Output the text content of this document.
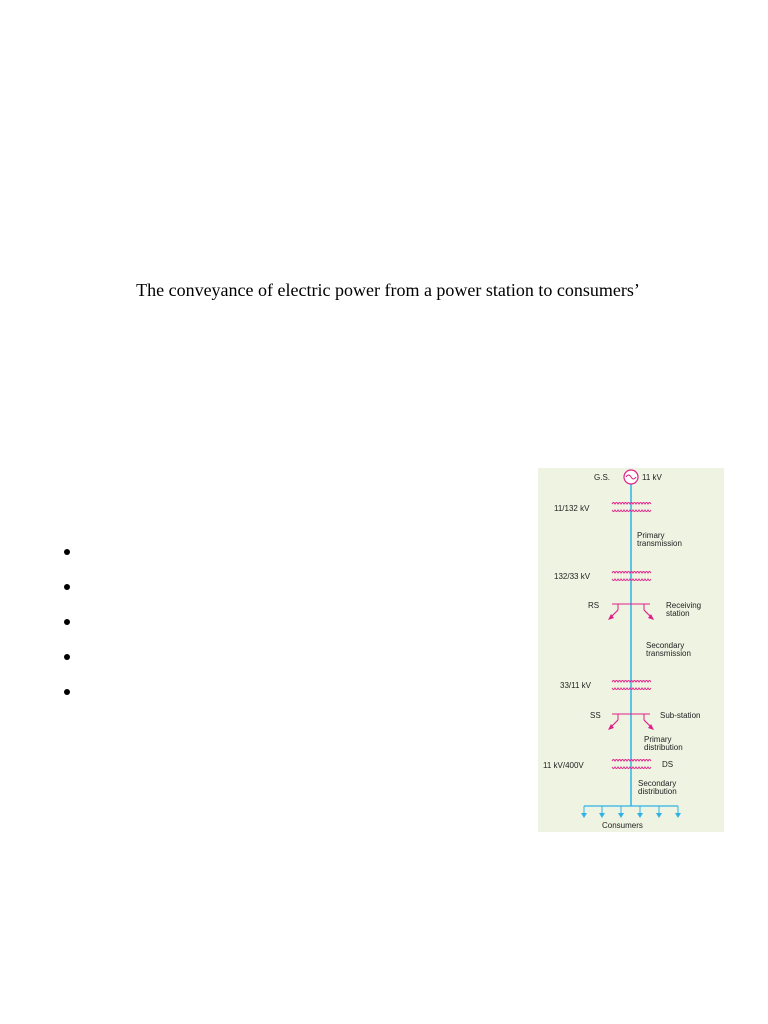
The conveyance of electric power from a power station to consumers’
G.S.	11 kV
11/132 kV
Primary
transmission
132/33 kV
RS	Receiving
station
Secondary
transmission
33/11 kV
SS	Sub-station
Primary
distribution
11 kV/400V	DS
Secondary
distribution
Consumers
